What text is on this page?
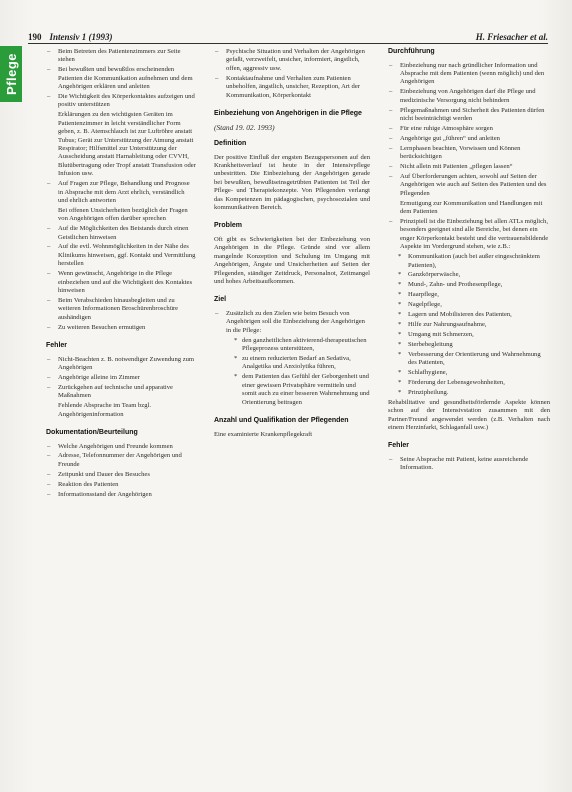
190 Intensiv 1 (1993)	H. Friesacher et al.
Pflege
– Beim Betreten des Patientenzimmers zur Seite stehen
– Bei bewußten und bewußtlos erscheinenden Patienten die Kommunikation aufnehmen und dem Angehörigen erklären und anleiten
– Die Wichtigkeit des Körperkontaktes aufzeigen und positiv unterstützen
Erklärungen zu den wichtigsten Geräten im Patientenzimmer in leicht verständlicher Form geben, z. B. Atemschlauch ist zur Luftröhre anstatt Tubus; Gerät zur Unterstützung der Atmung anstatt Respirator; Hilfsmittel zur Unterstützung der Ausscheidung anstatt Harnableitung oder CVVH, Blutübertragung oder Tropf anstatt Transfusion oder Infusion usw.
– Auf Fragen zur Pflege, Behandlung und Prognose in Absprache mit dem Arzt ehrlich, verständlich und ehrlich antworten
Bei offenen Unsicherheiten bezüglich der Fragen von Angehörigen offen darüber sprechen
– Auf die Möglichkeiten des Beistands durch einen Geistlichen hinweisen
– Auf die evtl. Wohnmöglichkeiten in der Nähe des Klinikums hinweisen, ggf. Kontakt und Vermittlung herstellen
– Wenn gewünscht, Angehörige in die Pflege einbeziehen und auf die Wichtigkeit des Kontaktes hinweisen
– Beim Verabschieden hinausbegleiten und zu weiteren Informationen Broschürenbroschüre aushändigen
– Zu weiteren Besuchen ermutigen
Fehler
– Nicht-Beachten z. B. notwendiger Zuwendung zum Angehörigen
– Angehörige alleine im Zimmer
– Zurückgehen auf technische und apparative Maßnahmen
Fehlende Absprache im Team bzgl. Angehörigeninformation
Dokumentation/Beurteilung
– Welche Angehörigen und Freunde kommen
– Adresse, Telefonnummer der Angehörigen und Freunde
– Zeitpunkt und Dauer des Besuches
– Reaktion des Patienten
– Informationsstand der Angehörigen
– Psychische Situation und Verhalten der Angehörigen gefaßt, verzweifelt, unsicher, informiert, ängstlich, offen, aggressiv usw.
– Kontaktaufnahme und Verhalten zum Patienten unbeholfen, ängstlich, unsicher, Rezeption, Art der Kommunikation, Körperkontakt
Einbeziehung von Angehörigen in die Pflege
(Stand 19. 02. 1993)
Definition

Der positive Einfluß der engsten Bezugspersonen auf den Krankheitsverlauf ist heute in der Intensivpflege unbestritten. Die Einbeziehung der Angehörigen gerade bei bewußten, bewußtseinsgetrübten Patienten ist Teil der Pflege- und Therapiekonzepte. Von Pflegenden verlangt das Kompetenzen im pädagogischen, psychosozialen und kommunikativen Bereich.

Problem

Oft gibt es Schwierigkeiten bei der Einbeziehung von Angehörigen in die Pflege. Gründe sind vor allem mangelnde Konzeption und Schulung im Umgang mit Angehörigen, Ängste und Unsicherheiten auf Seiten der Pflegenden, ständiger Zeitdruck, Personalnot, Zeitmangel und hohes Arbeitsaufkommen.

Ziel
– Zusätzlich zu den Zielen wie beim Besuch von Angehörigen soll die Einbeziehung der Angehörigen in die Pflege:
* den ganzheitlichen aktivierend-therapeutischen Pflegeprozess unterstützen,
* zu einem reduzierten Bedarf an Sedativa, Analgetika und Anxiolytika führen,
* dem Patienten das Gefühl der Geborgenheit und einer gewissen Privatsphäre vermitteln und somit auch zu einer besseren Wahrnehmung und Orientierung beitragen
Anzahl und Qualifikation der Pflegenden

Eine examinierte Krankenpflegekraft

Durchführung
– Einbeziehung nur nach gründlicher Information und Absprache mit dem Patienten (wenn möglich) und den Angehörigen
– Einbeziehung von Angehörigen darf die Pflege und medizinische Versorgung nicht behindern
– Pflegemaßnahmen und Sicherheit des Patienten dürfen nicht beeinträchtigt werden
– Für eine ruhige Atmosphäre sorgen
– Angehörige gut „führen“ und anleiten
– Lernphasen beachten, Vorwissen und Können berücksichtigen
– Nicht allein mit Patienten „pflegen lassen“
– Auf Überforderungen achten, sowohl auf Seiten der Angehörigen wie auch auf Seiten des Patienten und des Pflegenden
Ermutigung zur Kommunikation und Handlungen mit dem Patienten
– Prinzipiell ist die Einbeziehung bei allen ATLs möglich, besonders geeignet sind alle Bereiche, bei denen ein enger Körperkontakt besteht und die vertrauensbildende Aspekte im Vordergrund stehen, wie z.B.:
* Kommunikation (auch bei außer eingeschränktem Patienten),
* Ganzkörperwäsche,
* Mund-, Zahn- und Prothesenpflege,
* Haarpflege,
* Nagelpflege,
* Lagern und Mobilisieren des Patienten,
* Hilfe zur Nahrungsaufnahme,
* Umgang mit Schmerzen,
* Sterbebegleitung
* Verbesserung der Orientierung und Wahrnehmung des Patienten,
* Schlafhygiene,
* Förderung der Lebensgewohnheiten,
* Prinzipheilung.

Rehabilitative und gesundheitsfördernde Aspekte können schon auf der Intensivstation zusammen mit den Partner/Freund angewendet werden (z.B. Verhalten nach einem Herzinfarkt, Schlaganfall usw.)

Fehler
– Seine Absprache mit Patient, keine ausreichende Information.
